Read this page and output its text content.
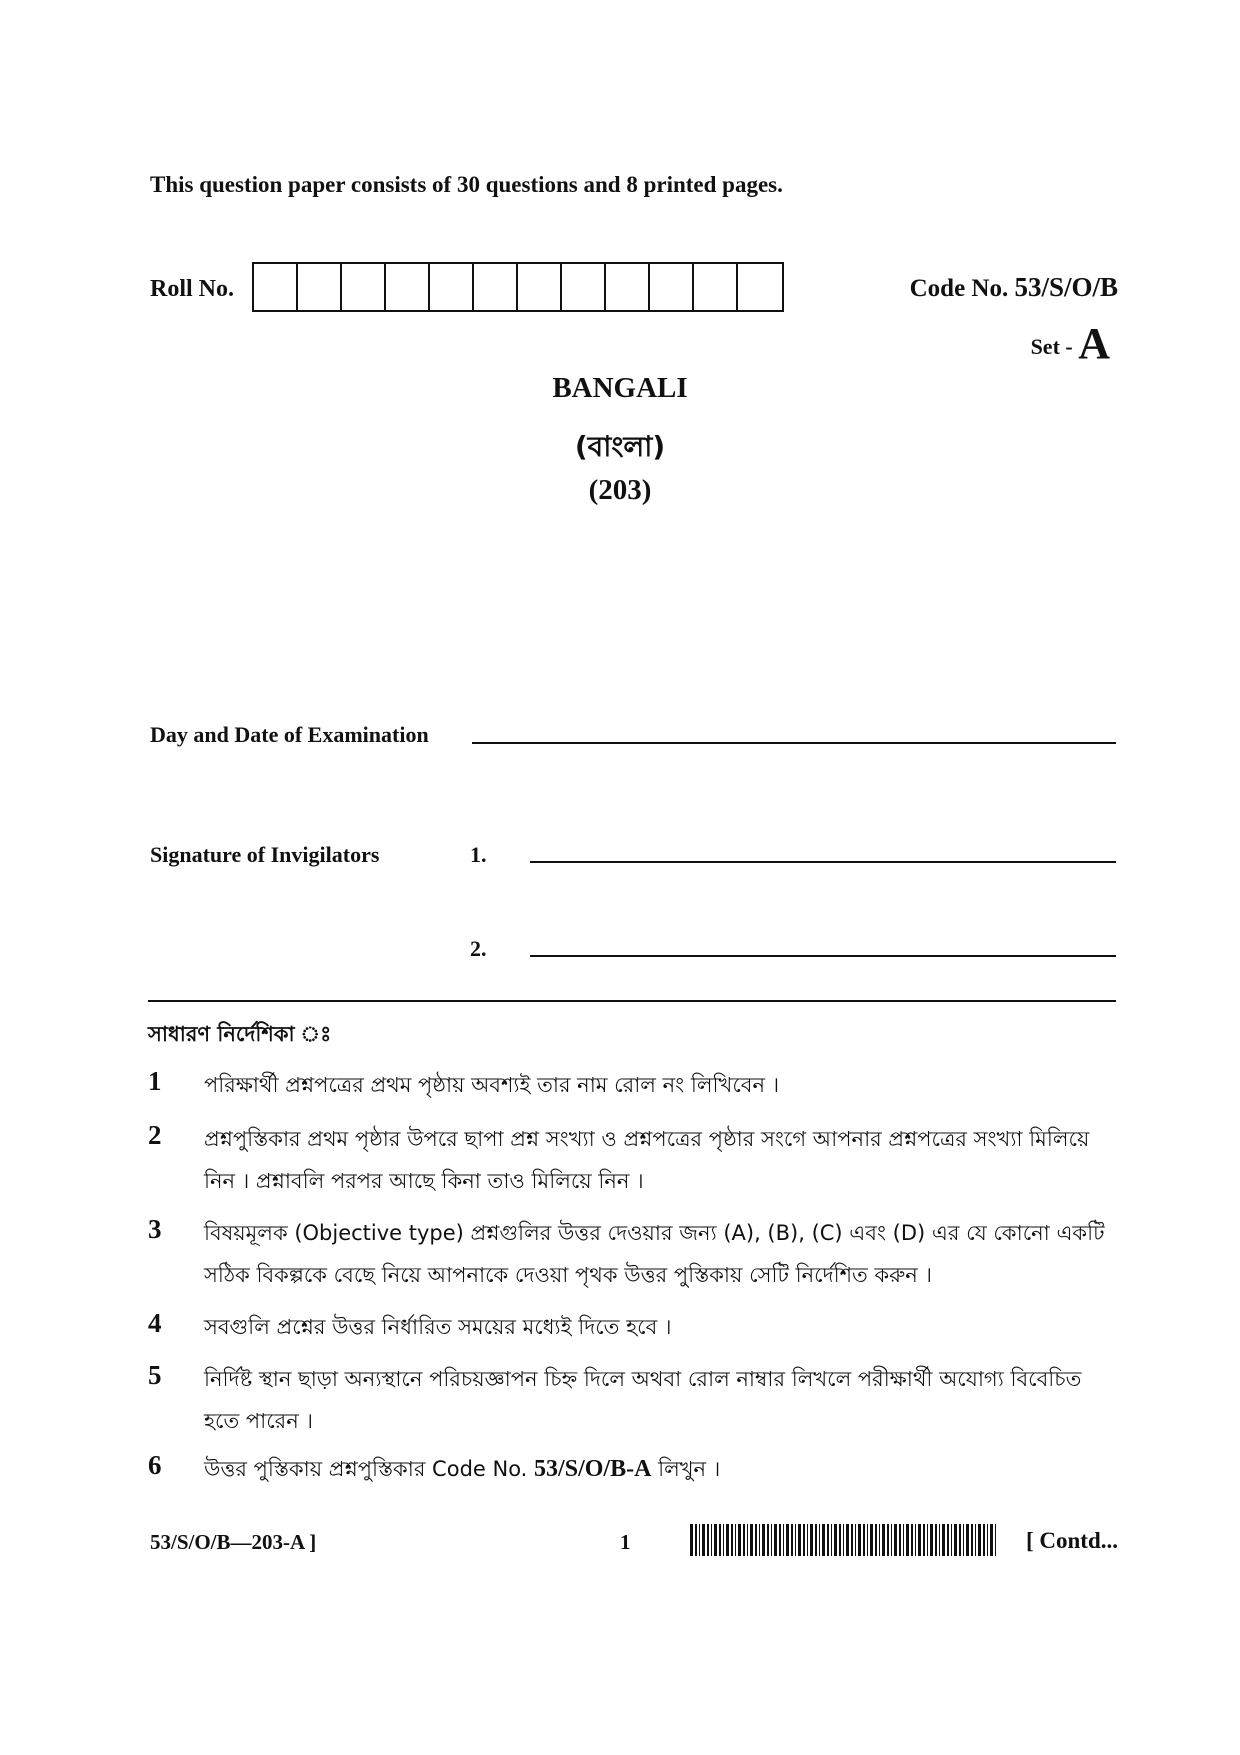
This question paper consists of 30 questions and 8 printed pages.
Roll No.	Code No. 53/S/O/B
Set - A
BANGALI
(বাংলা)
(203)
Day and Date of Examination
Signature of Invigilators	1.
2.
সাধারণ নির্দেশিকা ঃ
1	পরিক্ষার্থী প্রশ্নপত্রের প্রথম পৃষ্ঠায় অবশ্যই তার নাম রোল নং লিখিবেন ।
2	প্রশ্নপুস্তিকার প্রথম পৃষ্ঠার উপরে ছাপা প্রশ্ন সংখ্যা ও প্রশ্নপত্রের পৃষ্ঠার সংগে আপনার প্রশ্নপত্রের সংখ্যা মিলিয়ে নিন । প্রশ্নাবলি পরপর আছে কিনা তাও মিলিয়ে নিন ।
3	বিষয়মূলক (Objective type) প্রশ্নগুলির উত্তর দেওয়ার জন্য (A), (B), (C) এবং (D) এর যে কোনো একটি সঠিক বিকল্পকে বেছে নিয়ে আপনাকে দেওয়া পৃথক উত্তর পুস্তিকায় সেটি নির্দেশিত করুন ।
4	সবগুলি প্রশ্নের উত্তর নির্ধারিত সময়ের মধ্যেই দিতে হবে ।
5	নির্দিষ্ট স্থান ছাড়া অন্যস্থানে পরিচয়জ্ঞাপন চিহ্ন দিলে অথবা রোল নাম্বার লিখলে পরীক্ষার্থী অযোগ্য বিবেচিত হতে পারেন ।
6	উত্তর পুস্তিকায় প্রশ্নপুস্তিকার Code No. 53/S/O/B-A লিখুন ।
53/S/O/B—203-A ]	1	[ Contd...
